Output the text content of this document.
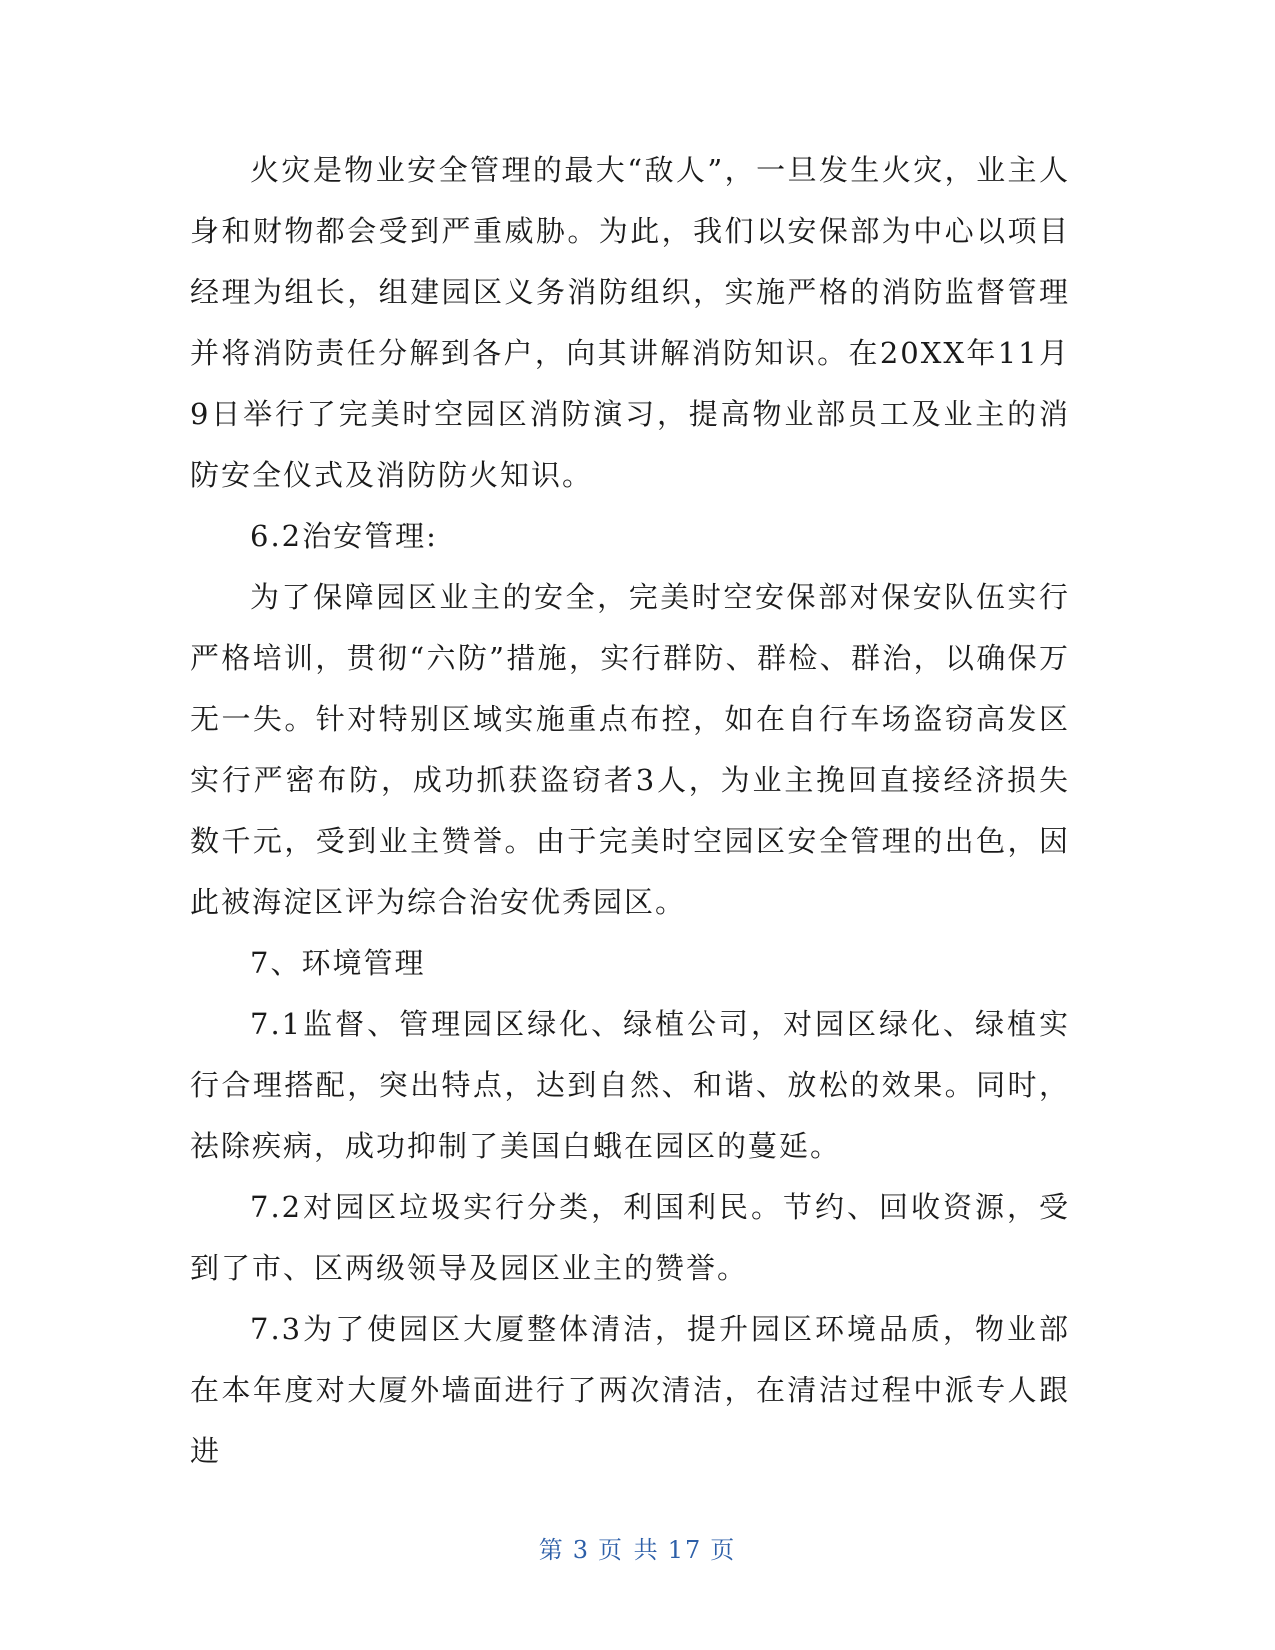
火灾是物业安全管理的最大“敌人”，一旦发生火灾，业主人身和财物都会受到严重威胁。为此，我们以安保部为中心以项目经理为组长，组建园区义务消防组织，实施严格的消防监督管理并将消防责任分解到各户，向其讲解消防知识。在20XX年11月9日举行了完美时空园区消防演习，提高物业部员工及业主的消防安全仪式及消防防火知识。

6.2治安管理:

为了保障园区业主的安全，完美时空安保部对保安队伍实行严格培训，贯彻“六防”措施，实行群防、群检、群治，以确保万无一失。针对特别区域实施重点布控，如在自行车场盗窃高发区实行严密布防，成功抓获盗窃者3人，为业主挽回直接经济损失数千元，受到业主赞誉。由于完美时空园区安全管理的出色，因此被海淀区评为综合治安优秀园区。

7、环境管理

7.1监督、管理园区绿化、绿植公司，对园区绿化、绿植实行合理搭配，突出特点，达到自然、和谐、放松的效果。同时，祛除疾病，成功抑制了美国白蛾在园区的蔓延。

7.2对园区垃圾实行分类，利国利民。节约、回收资源，受到了市、区两级领导及园区业主的赞誉。

7.3为了使园区大厦整体清洁，提升园区环境品质，物业部在本年度对大厦外墙面进行了两次清洁，在清洁过程中派专人跟进

第 3 页 共 17 页
